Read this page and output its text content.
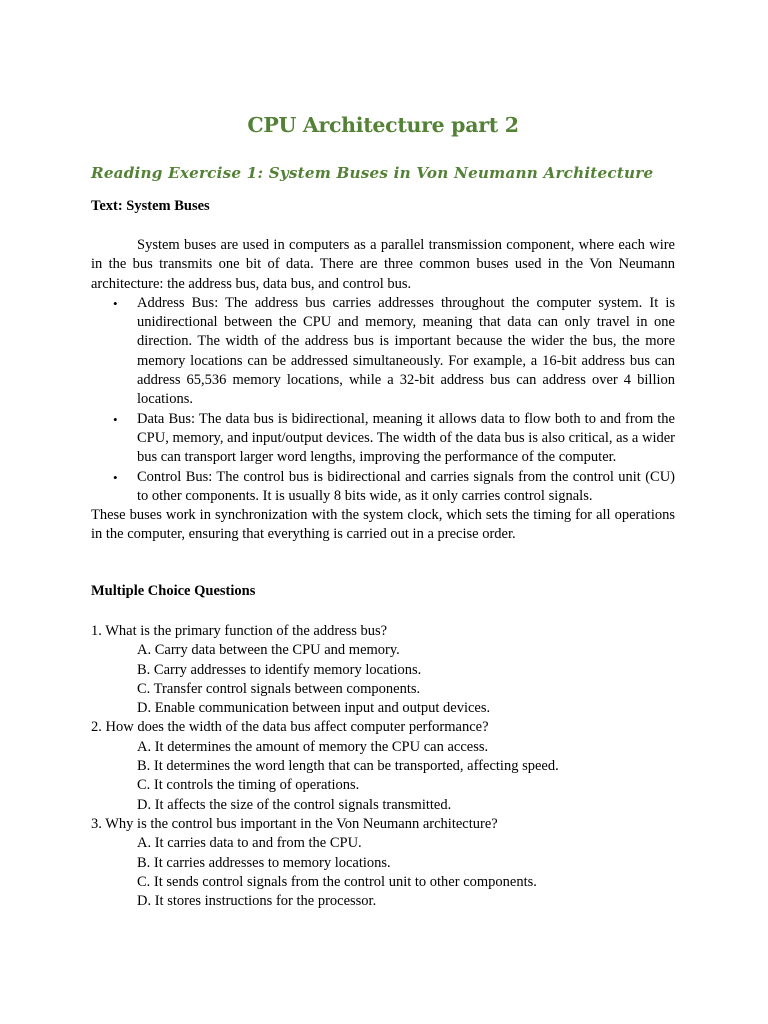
CPU Architecture part 2
Reading Exercise 1: System Buses in Von Neumann Architecture

Text: System Buses

System buses are used in computers as a parallel transmission component, where each wire in the bus transmits one bit of data. There are three common buses used in the Von Neumann architecture: the address bus, data bus, and control bus.

• Address Bus: The address bus carries addresses throughout the computer system. It is unidirectional between the CPU and memory, meaning that data can only travel in one direction. The width of the address bus is important because the wider the bus, the more memory locations can be addressed simultaneously. For example, a 16-bit address bus can address 65,536 memory locations, while a 32-bit address bus can address over 4 billion locations.
• Data Bus: The data bus is bidirectional, meaning it allows data to flow both to and from the CPU, memory, and input/output devices. The width of the data bus is also critical, as a wider bus can transport larger word lengths, improving the performance of the computer.
• Control Bus: The control bus is bidirectional and carries signals from the control unit (CU) to other components. It is usually 8 bits wide, as it only carries control signals.

These buses work in synchronization with the system clock, which sets the timing for all operations in the computer, ensuring that everything is carried out in a precise order.

Multiple Choice Questions

1. What is the primary function of the address bus?

A. Carry data between the CPU and memory.

B. Carry addresses to identify memory locations.

C. Transfer control signals between components.

D. Enable communication between input and output devices.

2. How does the width of the data bus affect computer performance?

A. It determines the amount of memory the CPU can access.

B. It determines the word length that can be transported, affecting speed.

C. It controls the timing of operations.

D. It affects the size of the control signals transmitted.

3. Why is the control bus important in the Von Neumann architecture?

A. It carries data to and from the CPU.

B. It carries addresses to memory locations.

C. It sends control signals from the control unit to other components.

D. It stores instructions for the processor.
